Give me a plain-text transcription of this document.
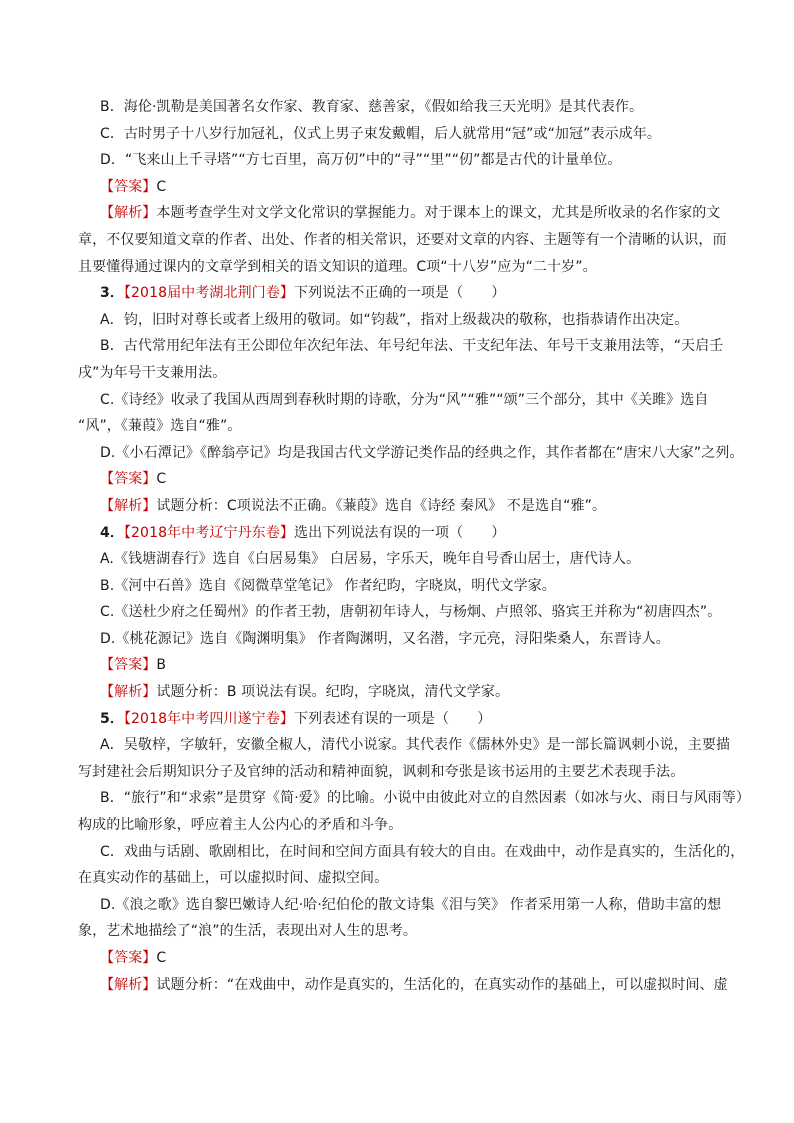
B．海伦·凯勒是美国著名女作家、教育家、慈善家，《假如给我三天光明》是其代表作。
C．古时男子十八岁行加冠礼，仪式上男子束发戴帽，后人就常用“冠”或“加冠”表示成年。
D．“飞来山上千寻塔”“方七百里，高万仞”中的“寻”“里”“仞”都是古代的计量单位。
【答案】C
【解析】本题考查学生对文学文化常识的掌握能力。对于课本上的课文，尤其是所收录的名作家的文
章，不仅要知道文章的作者、出处、作者的相关常识，还要对文章的内容、主题等有一个清晰的认识，而
且要懂得通过课内的文章学到相关的语文知识的道理。C项“十八岁”应为“二十岁”。
3．【2018届中考湖北荆门卷】下列说法不正确的一项是（　　）
A．钧，旧时对尊长或者上级用的敬词。如“钧裁”，指对上级裁决的敬称，也指恭请作出决定。
B．古代常用纪年法有王公即位年次纪年法、年号纪年法、干支纪年法、年号干支兼用法等，“天启壬
戌”为年号干支兼用法。
C.《诗经》收录了我国从西周到春秋时期的诗歌，分为“风”“雅”“颂”三个部分，其中《关雎》选自
“风”，《蒹葭》选自“雅”。
D.《小石潭记》《醉翁亭记》均是我国古代文学游记类作品的经典之作，其作者都在“唐宋八大家”之列。
【答案】C
【解析】试题分析：C项说法不正确。《蒹葭》选自《诗经 秦风》 不是选自“雅”。
4．【2018年中考辽宁丹东卷】选出下列说法有误的一项（　　）
A.《钱塘湖春行》选自《白居易集》 白居易，字乐天，晚年自号香山居士，唐代诗人。
B.《河中石兽》选自《阅微草堂笔记》 作者纪昀，字晓岚，明代文学家。
C.《送杜少府之任蜀州》的作者王勃，唐朝初年诗人，与杨炯、卢照邻、骆宾王并称为“初唐四杰”。
D.《桃花源记》选自《陶渊明集》 作者陶渊明，又名潜，字元亮，浔阳柴桑人，东晋诗人。
【答案】B
【解析】试题分析：B 项说法有误。纪昀，字晓岚，清代文学家。
5．【2018年中考四川遂宁卷】下列表述有误的一项是（　　）
A．吴敬梓，字敏轩，安徽全椒人，清代小说家。其代表作《儒林外史》是一部长篇讽刺小说，主要描
写封建社会后期知识分子及官绅的活动和精神面貌，讽刺和夸张是该书运用的主要艺术表现手法。
B．“旅行”和“求索”是贯穿《简·爱》的比喻。小说中由彼此对立的自然因素（如冰与火、雨日与风雨等）
构成的比喻形象，呼应着主人公内心的矛盾和斗争。
C．戏曲与话剧、歌剧相比，在时间和空间方面具有较大的自由。在戏曲中，动作是真实的，生活化的，
在真实动作的基础上，可以虚拟时间、虚拟空间。
D.《浪之歌》选自黎巴嫩诗人纪·哈·纪伯伦的散文诗集《泪与笑》 作者采用第一人称，借助丰富的想
象，艺术地描绘了“浪”的生活，表现出对人生的思考。
【答案】C
【解析】试题分析：“在戏曲中，动作是真实的，生活化的，在真实动作的基础上，可以虚拟时间、虚
